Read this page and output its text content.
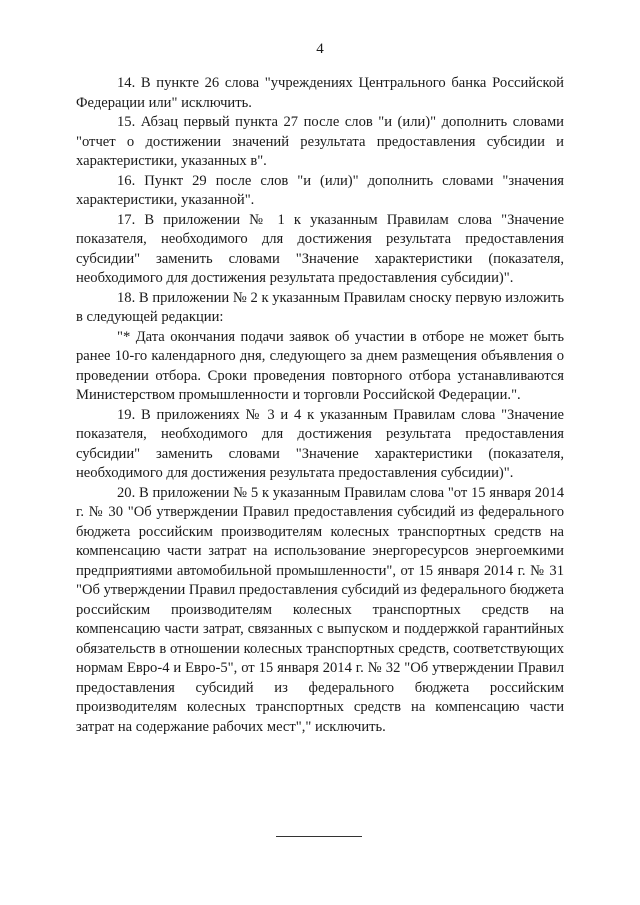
4

14. В пункте 26 слова "учреждениях Центрального банка Российской Федерации или" исключить.

15. Абзац первый пункта 27 после слов "и (или)" дополнить словами "отчет о достижении значений результата предоставления субсидии и характеристики, указанных в".

16. Пункт 29 после слов "и (или)" дополнить словами "значения характеристики, указанной".

17. В приложении № 1 к указанным Правилам слова "Значение показателя, необходимого для достижения результата предоставления субсидии" заменить словами "Значение характеристики (показателя, необходимого для достижения результата предоставления субсидии)".

18. В приложении № 2 к указанным Правилам сноску первую изложить в следующей редакции:

"* Дата окончания подачи заявок об участии в отборе не может быть ранее 10-го календарного дня, следующего за днем размещения объявления о проведении отбора. Сроки проведения повторного отбора устанавливаются Министерством промышленности и торговли Российской Федерации.".

19. В приложениях № 3 и 4 к указанным Правилам слова "Значение показателя, необходимого для достижения результата предоставления субсидии" заменить словами "Значение характеристики (показателя, необходимого для достижения результата предоставления субсидии)".

20. В приложении № 5 к указанным Правилам слова "от 15 января 2014 г. № 30 "Об утверждении Правил предоставления субсидий из федерального бюджета российским производителям колесных транспортных средств на компенсацию части затрат на использование энергоресурсов энергоемкими предприятиями автомобильной промышленности", от 15 января 2014 г. № 31 "Об утверждении Правил предоставления субсидий из федерального бюджета российским производителям колесных транспортных средств на компенсацию части затрат, связанных с выпуском и поддержкой гарантийных обязательств в отношении колесных транспортных средств, соответствующих нормам Евро-4 и Евро-5", от 15 января 2014 г. № 32 "Об утверждении Правил предоставления субсидий из федерального бюджета российским производителям колесных транспортных средств на компенсацию части затрат на содержание рабочих мест"," исключить.
